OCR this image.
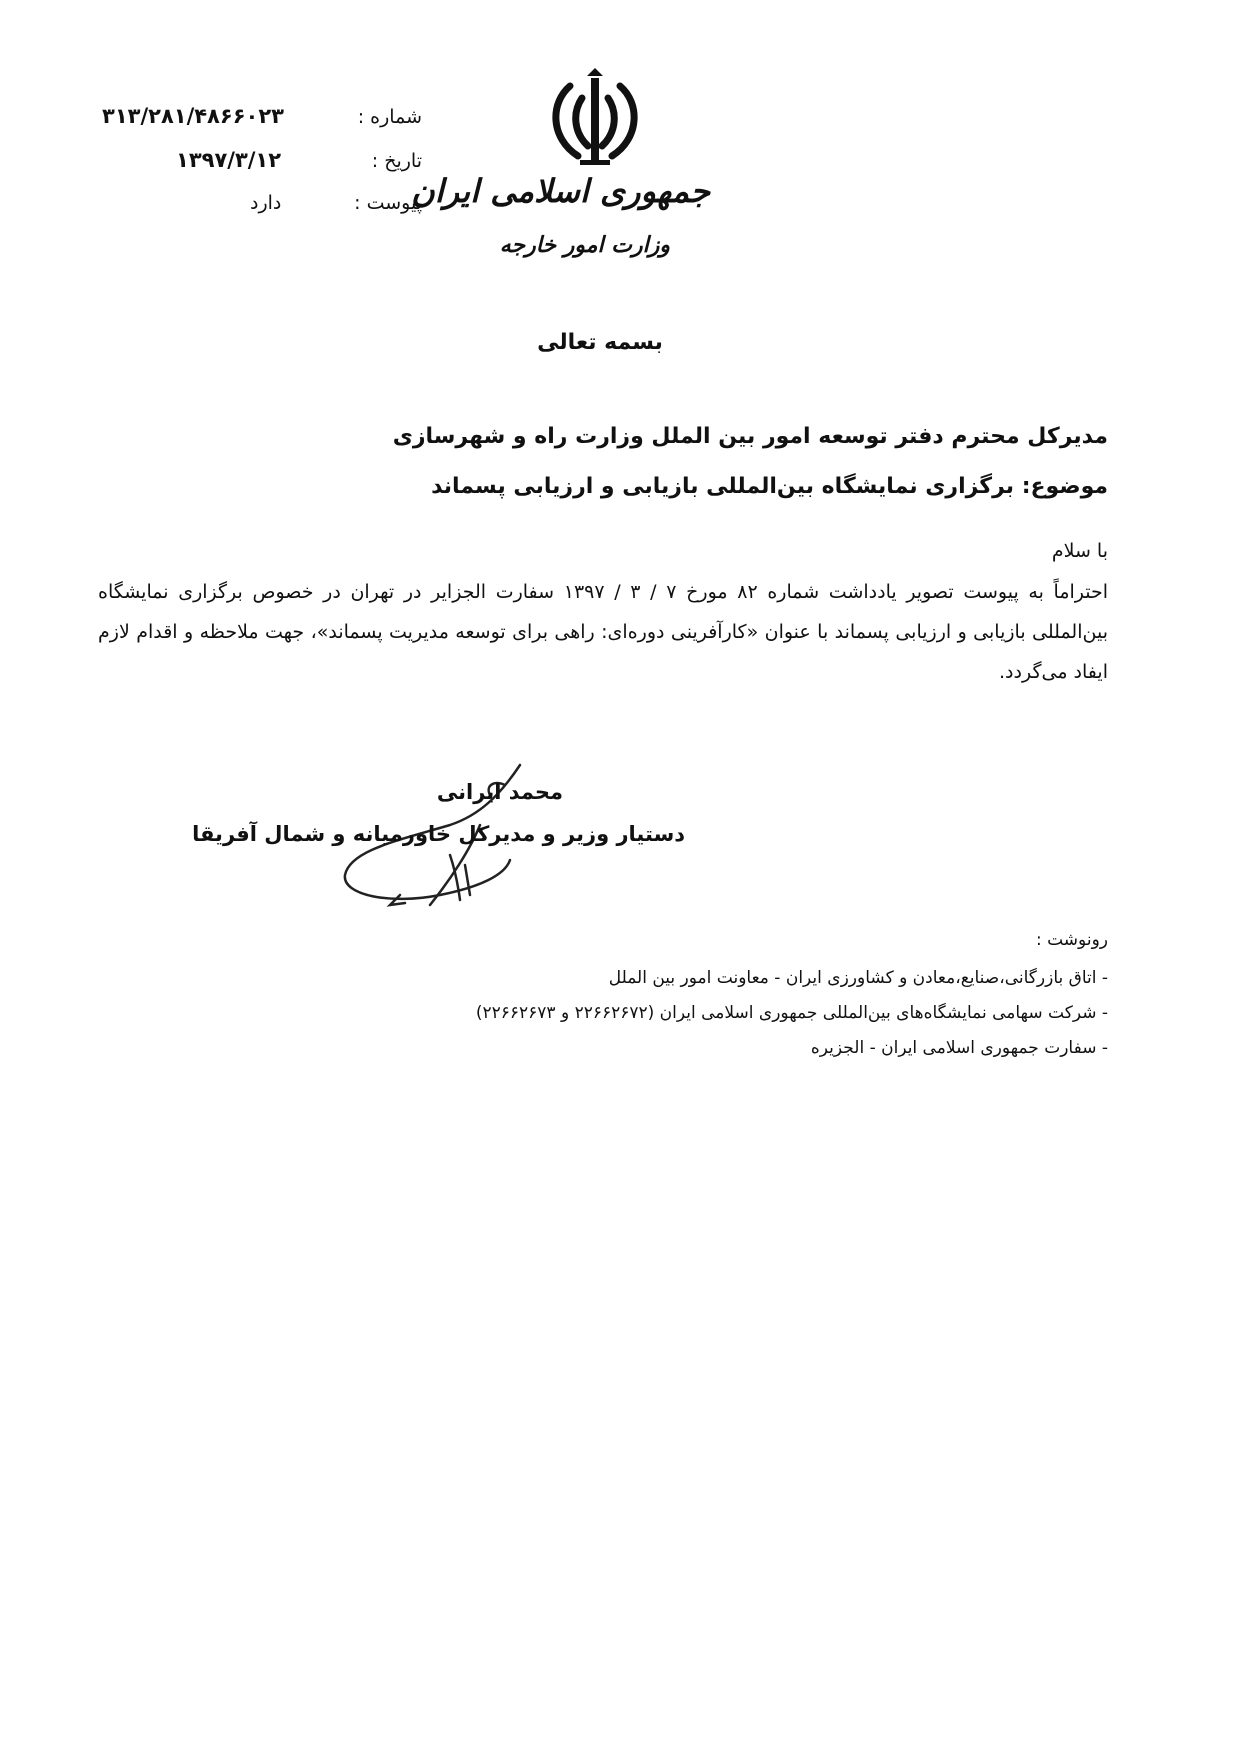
شماره :
۳۱۳/۲۸۱/۴۸۶۶۰۲۳
تاریخ :
۱۳۹۷/۳/۱۲
پیوست :
دارد	جمهوری اسلامی ایران
وزارت امور خارجه
بسمه تعالی
مدیرکل محترم دفتر توسعه امور بین الملل وزارت راه و شهرسازی
موضوع: برگزاری نمایشگاه بین‌المللی بازیابی و ارزیابی پسماند
با سلام
احتراماً به پیوست تصویر یادداشت شماره ۸۲ مورخ ۷ / ۳ / ۱۳۹۷ سفارت الجزایر در تهران در خصوص برگزاری نمایشگاه بین‌المللی بازیابی و ارزیابی پسماند با عنوان «کارآفرینی دوره‌ای: راهی برای توسعه مدیریت پسماند»، جهت ملاحظه و اقدام لازم ایفاد می‌گردد.
محمد ایرانی
دستیار وزیر و مدیرکل خاورمیانه و شمال آفریقا
رونوشت :
- اتاق بازرگانی،صنایع،معادن و کشاورزی ایران - معاونت امور بین الملل
- شرکت سهامی نمایشگاه‌های بین‌المللی جمهوری اسلامی ایران (۲۲۶۶۲۶۷۲ و ۲۲۶۶۲۶۷۳)
- سفارت جمهوری اسلامی ایران - الجزیره
